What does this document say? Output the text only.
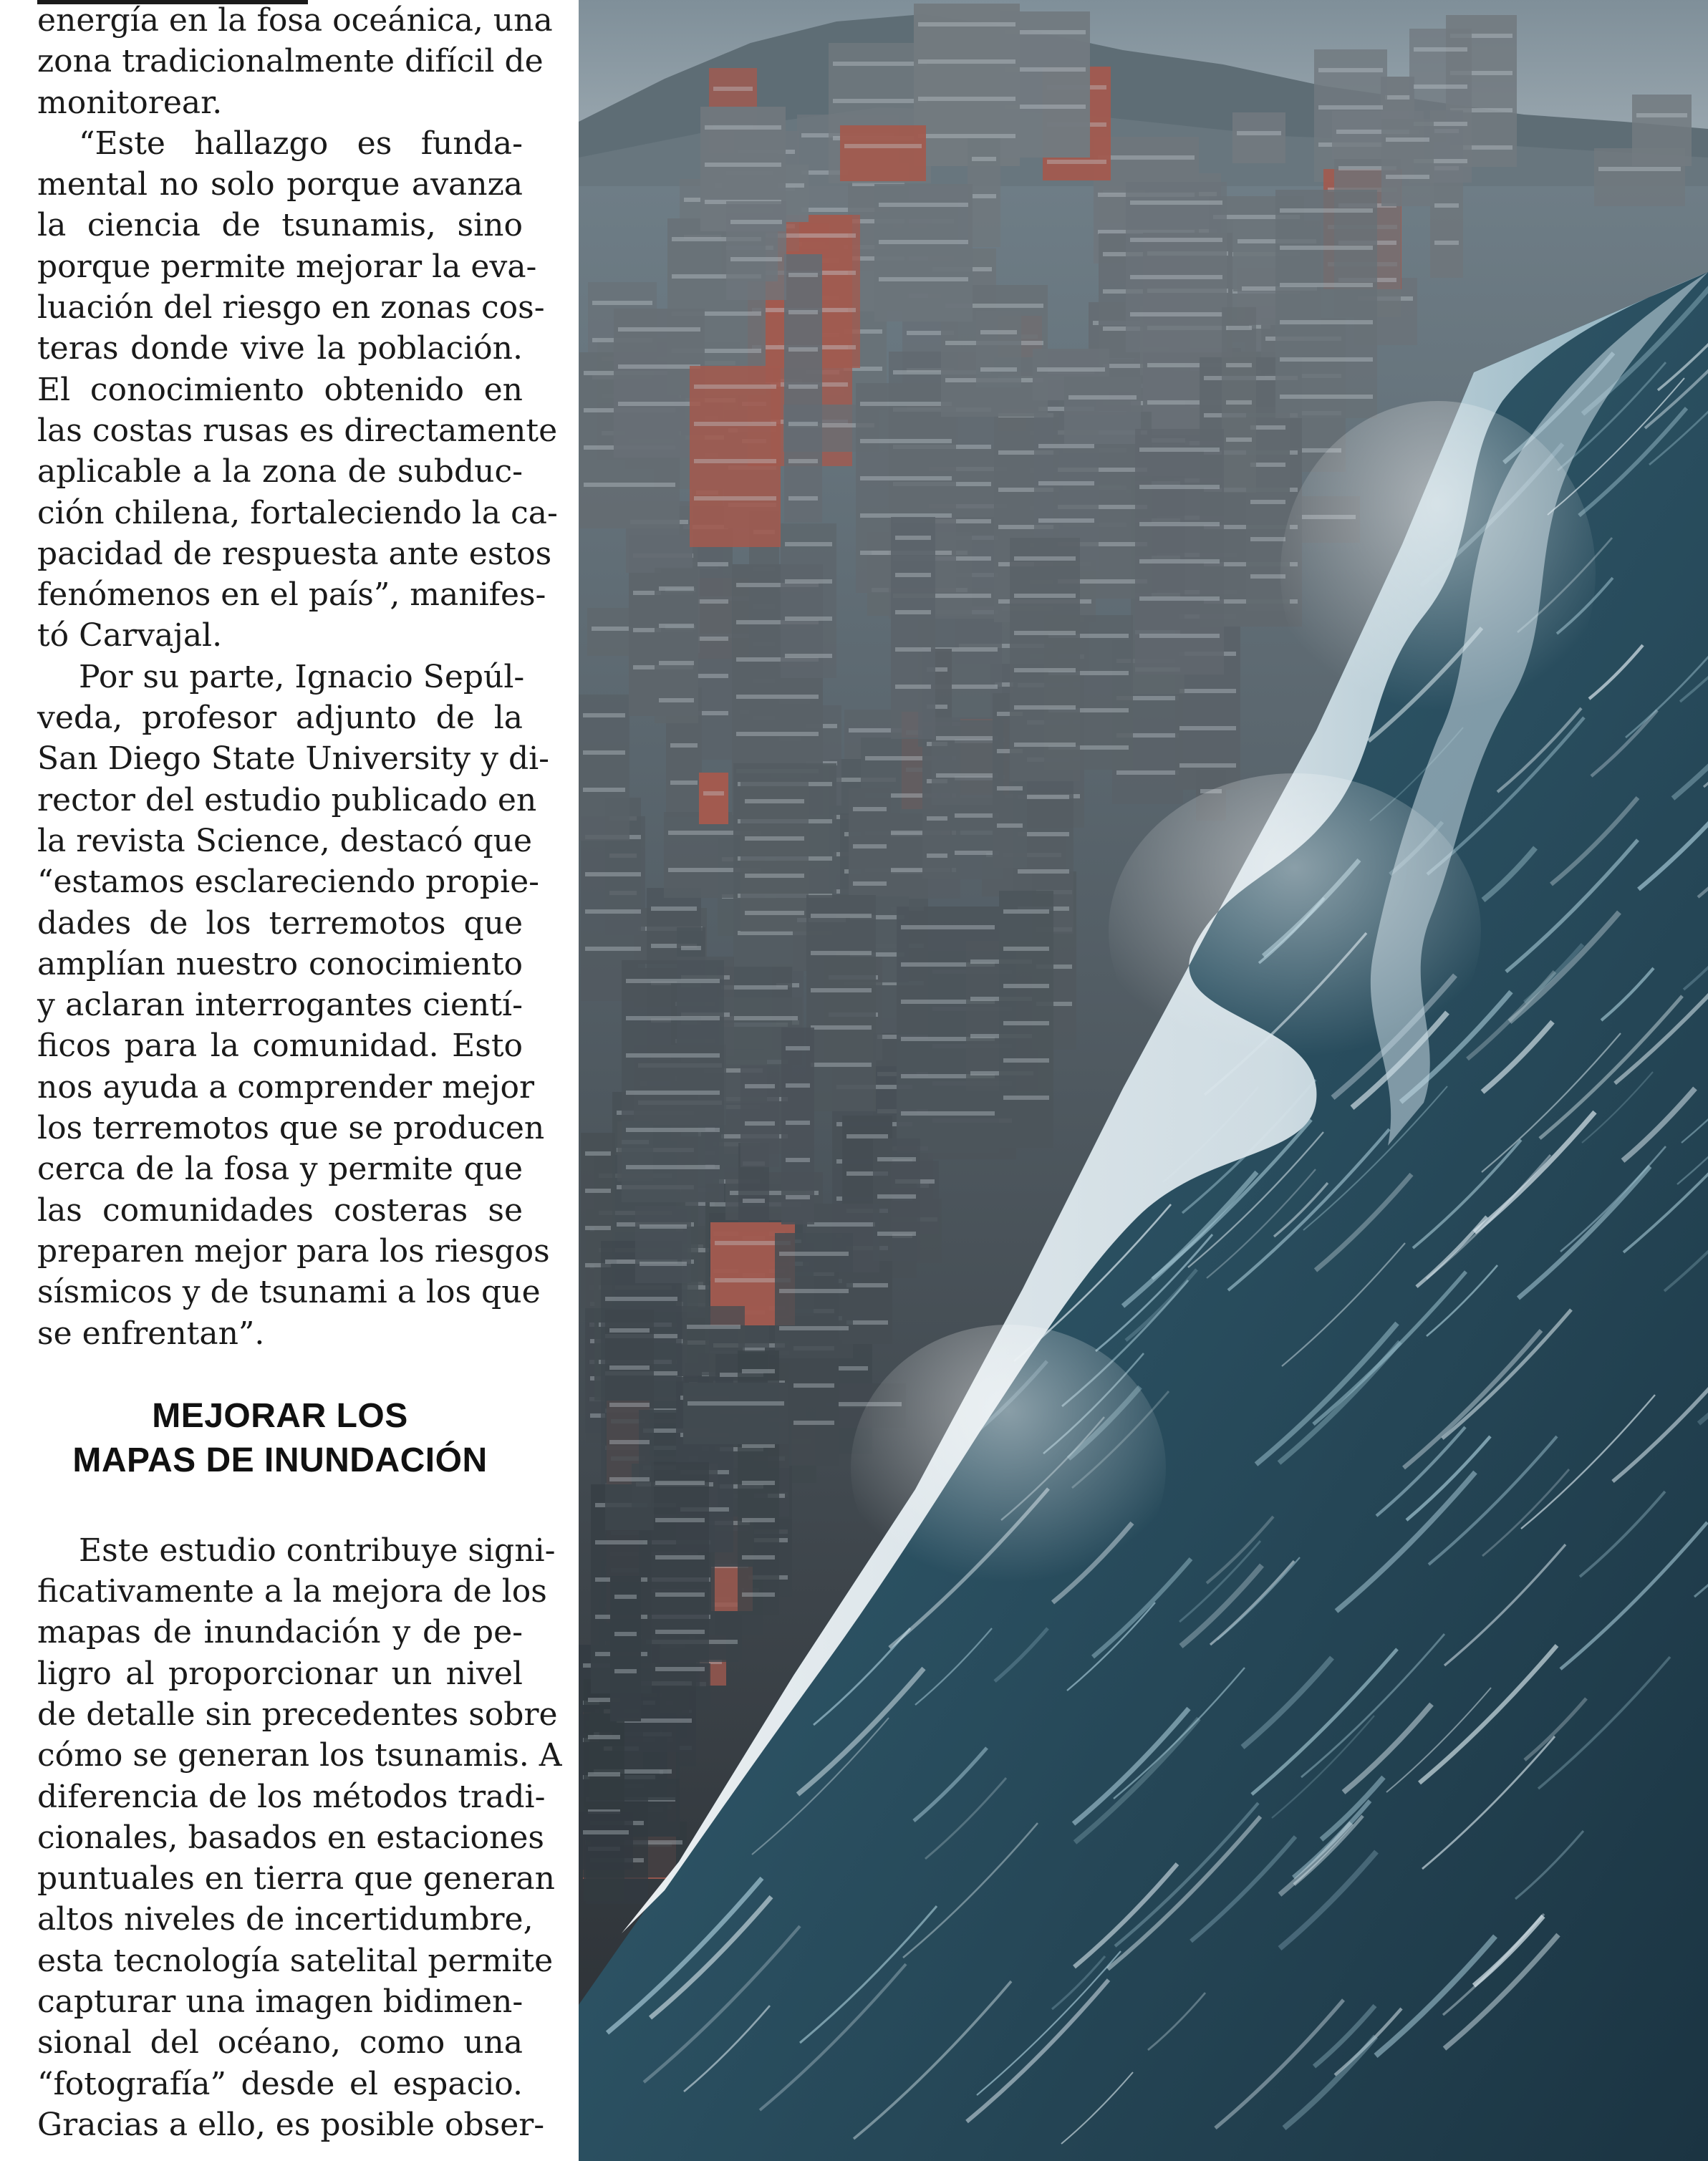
energía en la fosa oceánica, una
zona tradicionalmente difícil de
monitorear.

“Este hallazgo es funda-
mental no solo porque avanza
la ciencia de tsunamis, sino
porque permite mejorar la eva-
luación del riesgo en zonas cos-
teras donde vive la población.
El conocimiento obtenido en
las costas rusas es directamente
aplicable a la zona de subduc-
ción chilena, fortaleciendo la ca-
pacidad de respuesta ante estos
fenómenos en el país”, manifes-
tó Carvajal.

Por su parte, Ignacio Sepúl-
veda, profesor adjunto de la
San Diego State University y di-
rector del estudio publicado en
la revista Science, destacó que
“estamos esclareciendo propie-
dades de los terremotos que
amplían nuestro conocimiento
y aclaran interrogantes cientí-
ficos para la comunidad. Esto
nos ayuda a comprender mejor
los terremotos que se producen
cerca de la fosa y permite que
las comunidades costeras se
preparen mejor para los riesgos
sísmicos y de tsunami a los que
se enfrentan”.

MEJORAR LOS
MAPAS DE INUNDACIÓN

Este estudio contribuye signi-
ficativamente a la mejora de los
mapas de inundación y de pe-
ligro al proporcionar un nivel
de detalle sin precedentes sobre
cómo se generan los tsunamis. A
diferencia de los métodos tradi-
cionales, basados en estaciones
puntuales en tierra que generan
altos niveles de incertidumbre,
esta tecnología satelital permite
capturar una imagen bidimen-
sional del océano, como una
“fotografía” desde el espacio.
Gracias a ello, es posible obser-
